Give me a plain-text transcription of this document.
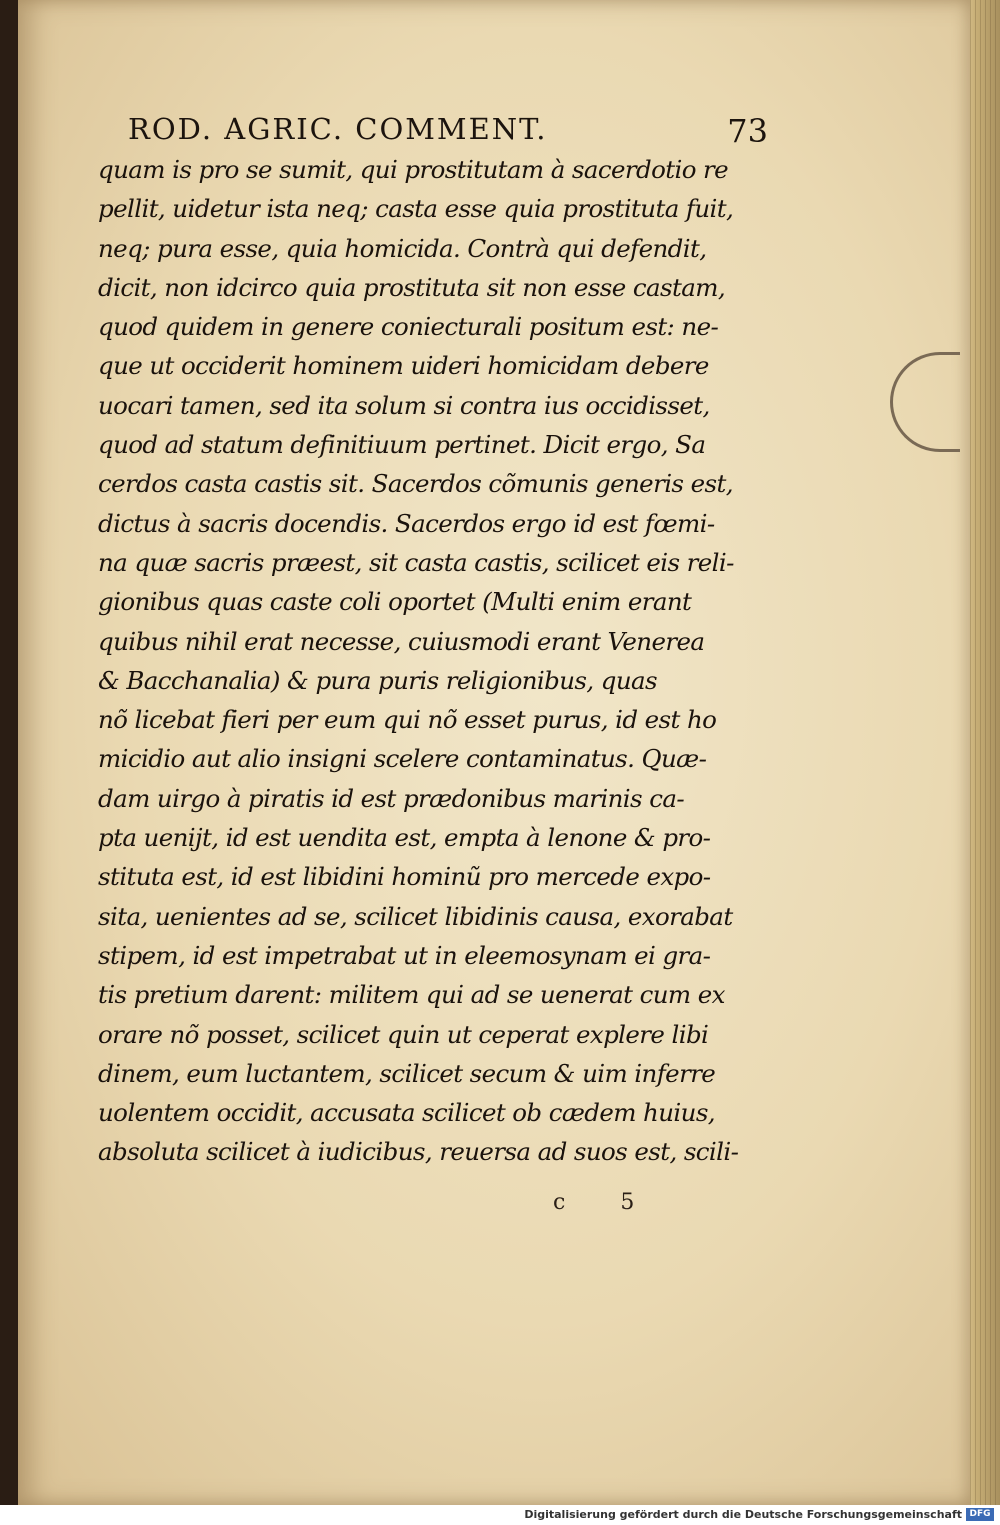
ROD. AGRIC. COMMENT.	73
quam is pro se sumit, qui prostitutam à sacerdotio re
pellit, uidetur ista neq; casta esse quia prostituta fuit,
neq; pura esse, quia homicida. Contrà qui defendit,
dicit, non idcirco quia prostituta sit non esse castam,
quod quidem in genere coniecturali positum est: ne-
que ut occiderit hominem uideri homicidam debere
uocari tamen, sed ita solum si contra ius occidisset,
quod ad statum definitiuum pertinet. Dicit ergo, Sa
cerdos casta castis sit. Sacerdos cõmunis generis est,
dictus à sacris docendis. Sacerdos ergo id est fœmi-
na quæ sacris præest, sit casta castis, scilicet eis reli-
gionibus quas caste coli oportet (Multi enim erant
quibus nihil erat necesse, cuiusmodi erant Venerea
& Bacchanalia) & pura puris religionibus, quas
nõ licebat fieri per eum qui nõ esset purus, id est ho
micidio aut alio insigni scelere contaminatus. Quæ-
dam uirgo à piratis id est prædonibus marinis ca-
pta uenijt, id est uendita est, empta à lenone & pro-
stituta est, id est libidini hominũ pro mercede expo-
sita, uenientes ad se, scilicet libidinis causa, exorabat
stipem, id est impetrabat ut in eleemosynam ei gra-
tis pretium darent: militem qui ad se uenerat cum ex
orare nõ posset, scilicet quin ut ceperat explere libi
dinem, eum luctantem, scilicet secum & uim inferre
uolentem occidit, accusata scilicet ob cædem huius,
absoluta scilicet à iudicibus, reuersa ad suos est, scili-
c 5
Digitalisierung gefördert durch die Deutsche Forschungsgemeinschaft DFG
